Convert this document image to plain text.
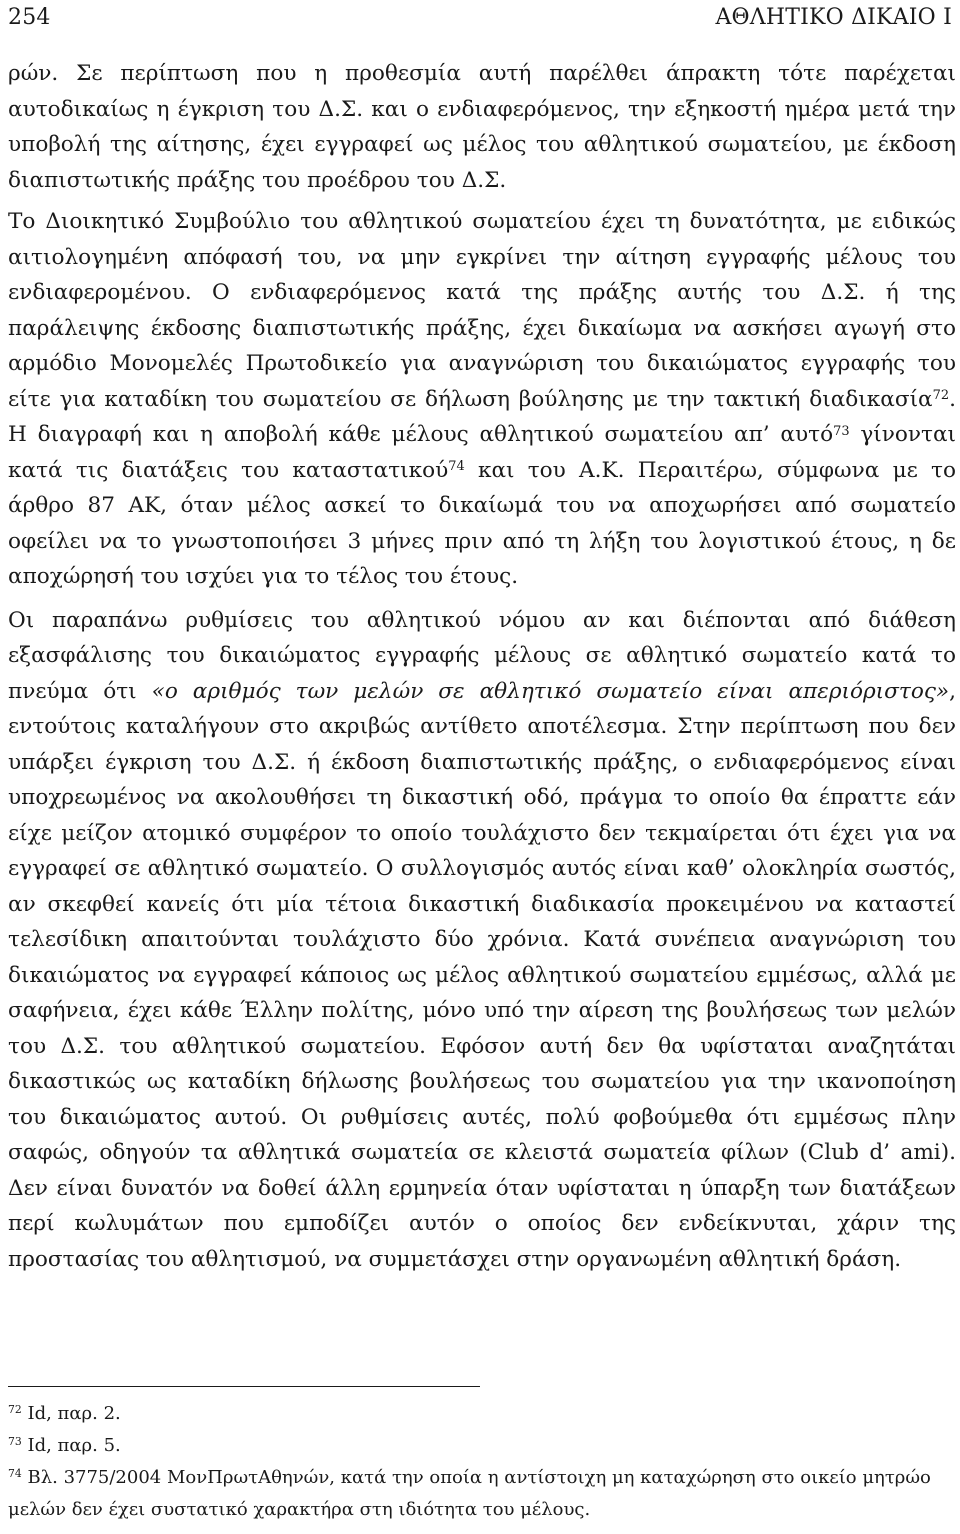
254	ΑΘΛΗΤΙΚΟ ΔΙΚΑΙΟ Ι

ρών. Σε περίπτωση που η προθεσμία αυτή παρέλθει άπρακτη τότε παρέχεται αυτοδικαίως η έγκριση του Δ.Σ. και ο ενδιαφερόμενος, την εξηκοστή ημέρα μετά την υποβολή της αίτησης, έχει εγγραφεί ως μέλος του αθλητικού σωματείου, με έκδοση διαπιστωτικής πράξης του προέδρου του Δ.Σ.

Το Διοικητικό Συμβούλιο του αθλητικού σωματείου έχει τη δυνατότητα, με ειδικώς αιτιολογημένη απόφασή του, να μην εγκρίνει την αίτηση εγγραφής μέλους του ενδιαφερομένου. Ο ενδιαφερόμενος κατά της πράξης αυτής του Δ.Σ. ή της παράλειψης έκδοσης διαπιστωτικής πράξης, έχει δικαίωμα να ασκήσει αγωγή στο αρμόδιο Μονομελές Πρωτοδικείο για αναγνώριση του δικαιώματος εγγραφής του είτε για καταδίκη του σωματείου σε δήλωση βούλησης με την τακτική διαδικασία$^{72}$. Η διαγραφή και η αποβολή κάθε μέλους αθλητικού σωματείου απ’ αυτό$^{73}$ γίνονται κατά τις διατάξεις του καταστατικού$^{74}$ και του Α.Κ. Περαιτέρω, σύμφωνα με το άρθρο 87 ΑΚ, όταν μέλος ασκεί το δικαίωμά του να αποχωρήσει από σωματείο οφείλει να το γνωστοποιήσει 3 μήνες πριν από τη λήξη του λογιστικού έτους, η δε αποχώρησή του ισχύει για το τέλος του έτους.

Οι παραπάνω ρυθμίσεις του αθλητικού νόμου αν και διέπονται από διάθεση εξασφάλισης του δικαιώματος εγγραφής μέλους σε αθλητικό σωματείο κατά το πνεύμα ότι «ο αριθμός των μελών σε αθλητικό σωματείο είναι απεριόριστος», εντούτοις καταλήγουν στο ακριβώς αντίθετο αποτέλεσμα. Στην περίπτωση που δεν υπάρξει έγκριση του Δ.Σ. ή έκδοση διαπιστωτικής πράξης, ο ενδιαφερόμενος είναι υποχρεωμένος να ακολουθήσει τη δικαστική οδό, πράγμα το οποίο θα έπραττε εάν είχε μείζον ατομικό συμφέρον το οποίο τουλάχιστο δεν τεκμαίρεται ότι έχει για να εγγραφεί σε αθλητικό σωματείο. Ο συλλογισμός αυτός είναι καθ’ ολοκληρία σωστός, αν σκεφθεί κανείς ότι μία τέτοια δικαστική διαδικασία προκειμένου να καταστεί τελεσίδικη απαιτούνται τουλάχιστο δύο χρόνια. Κατά συνέπεια αναγνώριση του δικαιώματος να εγγραφεί κάποιος ως μέλος αθλητικού σωματείου εμμέσως, αλλά με σαφήνεια, έχει κάθε Έλλην πολίτης, μόνο υπό την αίρεση της βουλήσεως των μελών του Δ.Σ. του αθλητικού σωματείου. Εφόσον αυτή δεν θα υφίσταται αναζητάται δικαστικώς ως καταδίκη δήλωσης βουλήσεως του σωματείου για την ικανοποίηση του δικαιώματος αυτού. Οι ρυθμίσεις αυτές, πολύ φοβούμεθα ότι εμμέσως πλην σαφώς, οδηγούν τα αθλητικά σωματεία σε κλειστά σωματεία φίλων (Club d’ ami). Δεν είναι δυνατόν να δοθεί άλλη ερμηνεία όταν υφίσταται η ύπαρξη των διατάξεων περί κωλυμάτων που εμποδίζει αυτόν ο οποίος δεν ενδείκνυται, χάριν της προστασίας του αθλητισμού, να συμμετάσχει στην οργανωμένη αθλητική δράση.

$^{72}$ Id, παρ. 2.

$^{73}$ Id, παρ. 5.

$^{74}$ Βλ. 3775/2004 ΜονΠρωτΑθηνών, κατά την οποία η αντίστοιχη μη καταχώρηση στο οικείο μητρώο μελών δεν έχει συστατικό χαρακτήρα στη ιδιότητα του μέλους.
